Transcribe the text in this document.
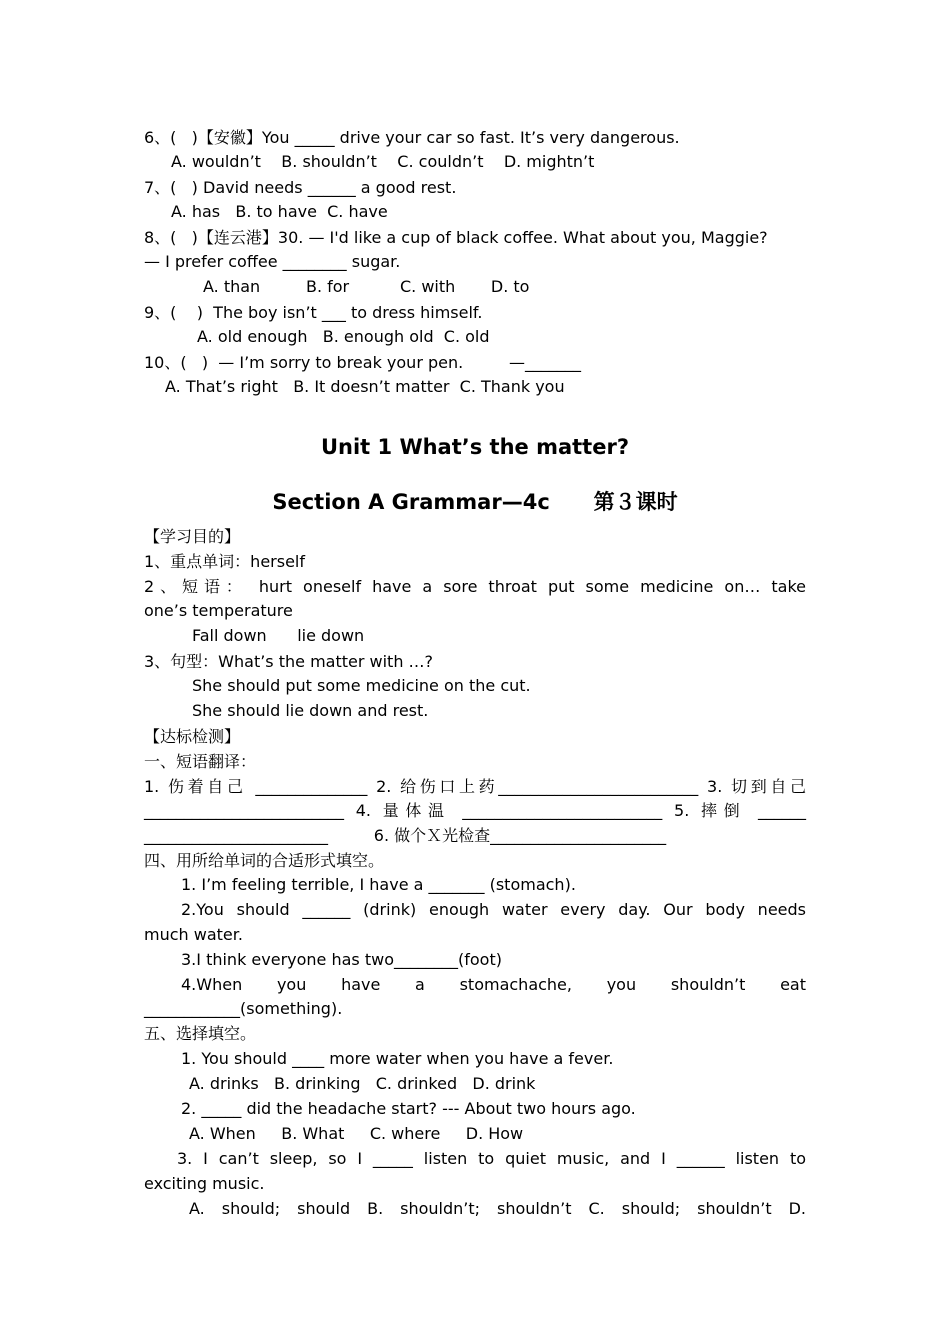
6、(   )【安徽】You _____ drive your car so fast. It’s very dangerous.
A. wouldn’t    B. shouldn’t    C. couldn’t    D. mightn’t
7、(   ) David needs ______ a good rest.
A. has   B. to have  C. have
8、(   )【连云港】30. — I'd like a cup of black coffee. What about you, Maggie?
— I prefer coffee ________ sugar.
A. than         B. for          C. with       D. to
9、(    )  The boy isn’t ___ to dress himself.
A. old enough   B. enough old  C. old
10、(   )  — I’m sorry to break your pen.         —_______
A. That’s right   B. It doesn’t matter  C. Thank you
Unit 1 What’s the matter?
Section A Grammar—4c      第３课时
【学习目的】
1、重点单词：herself
2、短语： hurt oneself have a sore throat put some medicine on… take
one’s temperature
Fall down      lie down
3、句型：What’s the matter with …?
She should put some medicine on the cut.
She should lie down and rest.
【达标检测】
一、短语翻译：
1. 伤着自己 ______________ 2. 给伤口上药_________________________ 3. 切到自己
_________________________ 4. 量体温 _________________________ 5. 摔倒 ______
_______________________         6. 做个Ｘ光检查______________________
四、用所给单词的合适形式填空。
1. I’m feeling terrible, I have a _______ (stomach).
2.You should ______ (drink) enough water every day. Our body needs
much water.
3.I think everyone has two________(foot)
4.When you have a stomachache, you shouldn’t eat
____________(something).
五、选择填空。
1. You should ____ more water when you have a fever.
A. drinks   B. drinking   C. drinked   D. drink
2. _____ did the headache start? --- About two hours ago.
A. When     B. What     C. where     D. How
3. I can’t sleep, so I _____ listen to quiet music, and I ______ listen to
exciting music.
A. should; should B. shouldn’t; shouldn’t C. should; shouldn’t D.
